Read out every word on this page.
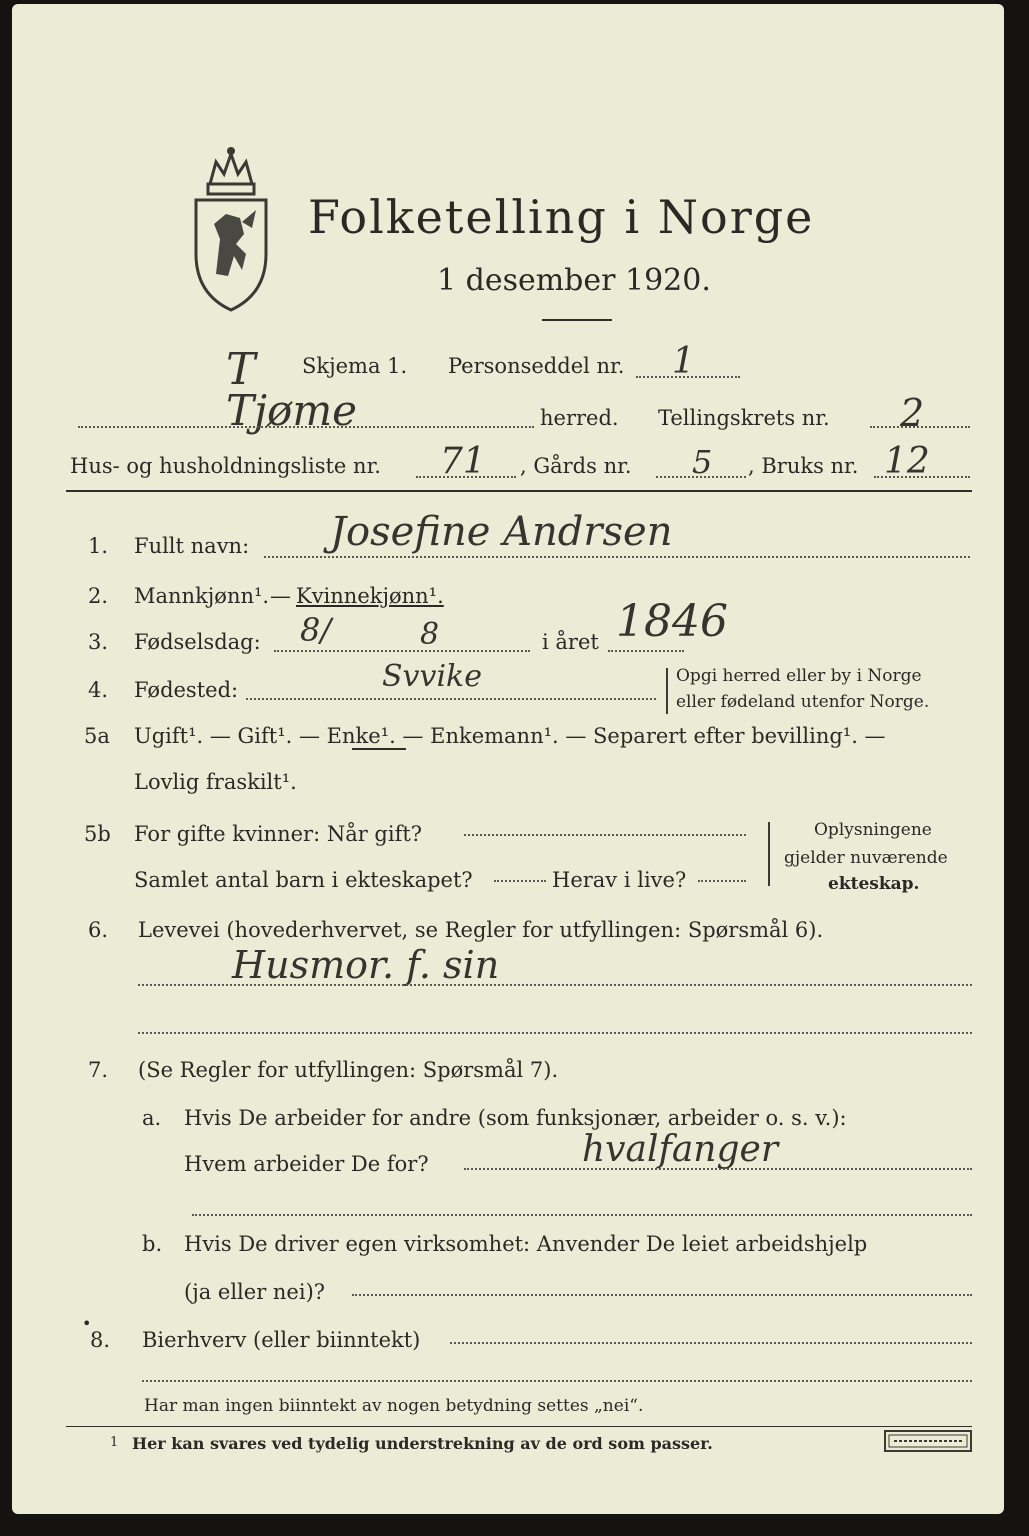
Folketelling i Norge
1 desember 1920.
T Skjema 1. Personseddel nr. 1
Tjøme	herred. Tellingskrets nr. 2
Hus- og husholdningsliste nr. 71 , Gårds nr. 5 , Bruks nr. 12
1. Fullt navn: Josefine Andrsen
2. Mannkjønn¹. — Kvinnekjønn¹.
3. Fødselsdag: 8/	8	i året 1846
4. Fødested:	Svvike	Opgi herred eller by i Norge
eller fødeland utenfor Norge.
5a Ugift¹. — Gift¹. — Enke¹. — Enkemann¹. — Separert efter bevilling¹. —
Lovlig fraskilt¹.
5b For gifte kvinner: Når gift?
Samlet antal barn i ekteskapet?	Herav i live?
Oplysningene
gjelder nuværende
ekteskap.
6. Levevei (hovederhvervet, se Regler for utfyllingen: Spørsmål 6).
Husmor. f. sin
7. (Se Regler for utfyllingen: Spørsmål 7).
a. Hvis De arbeider for andre (som funksjonær, arbeider o. s. v.):
Hvem arbeider De for?	hvalfanger
b. Hvis De driver egen virksomhet: Anvender De leiet arbeidshjelp
(ja eller nei)?
•
8. Bierhverv (eller biinntekt)
Har man ingen biinntekt av nogen betydning settes „nei“.
1 Her kan svares ved tydelig understrekning av de ord som passer.
